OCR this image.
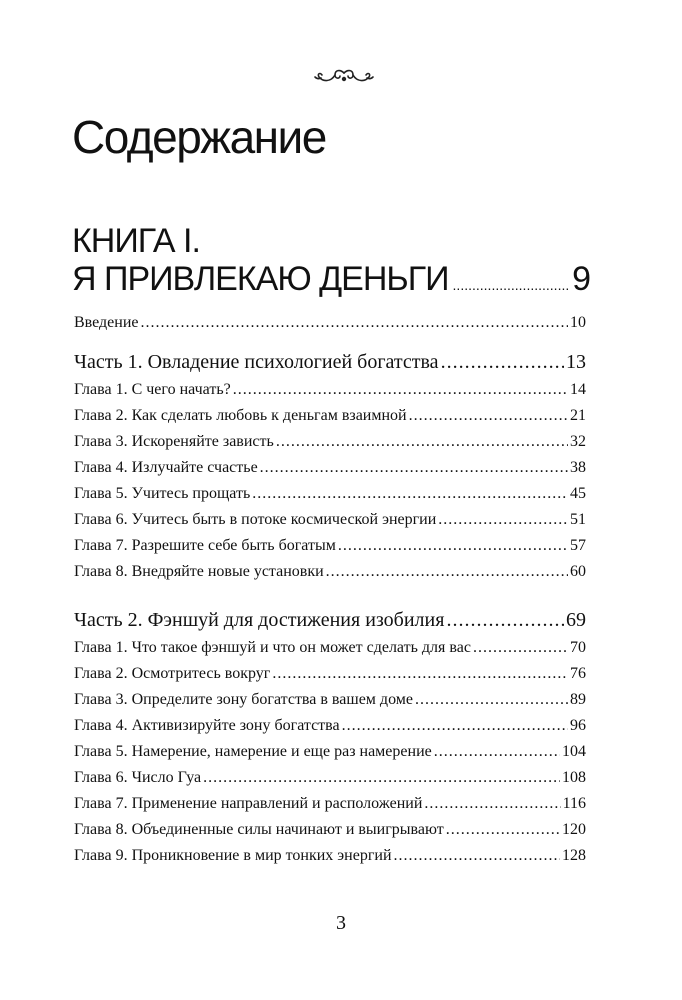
Содержание
КНИГА I.
Я ПРИВЛЕКАЮ ДЕНЬГИ .....	9
Введение .....	10
Часть 1. Овладение психологией богатства .....	13
Глава 1. С чего начать? .....	14
Глава 2. Как сделать любовь к деньгам взаимной .....	21
Глава 3. Искореняйте зависть .....	32
Глава 4. Излучайте счастье .....	38
Глава 5. Учитесь прощать .....	45
Глава 6. Учитесь быть в потоке космической энергии .....	51
Глава 7. Разрешите себе быть богатым .....	57
Глава 8. Внедряйте новые установки .....	60
Часть 2. Фэншуй для достижения изобилия .....	69
Глава 1. Что такое фэншуй и что он может сделать для вас .....	70
Глава 2. Осмотритесь вокруг .....	76
Глава 3. Определите зону богатства в вашем доме .....	89
Глава 4. Активизируйте зону богатства .....	96
Глава 5. Намерение, намерение и еще раз намерение .....	104
Глава 6. Число Гуа .....	108
Глава 7. Применение направлений и расположений .....	116
Глава 8. Объединенные силы начинают и выигрывают .....	120
Глава 9. Проникновение в мир тонких энергий .....	128
3
